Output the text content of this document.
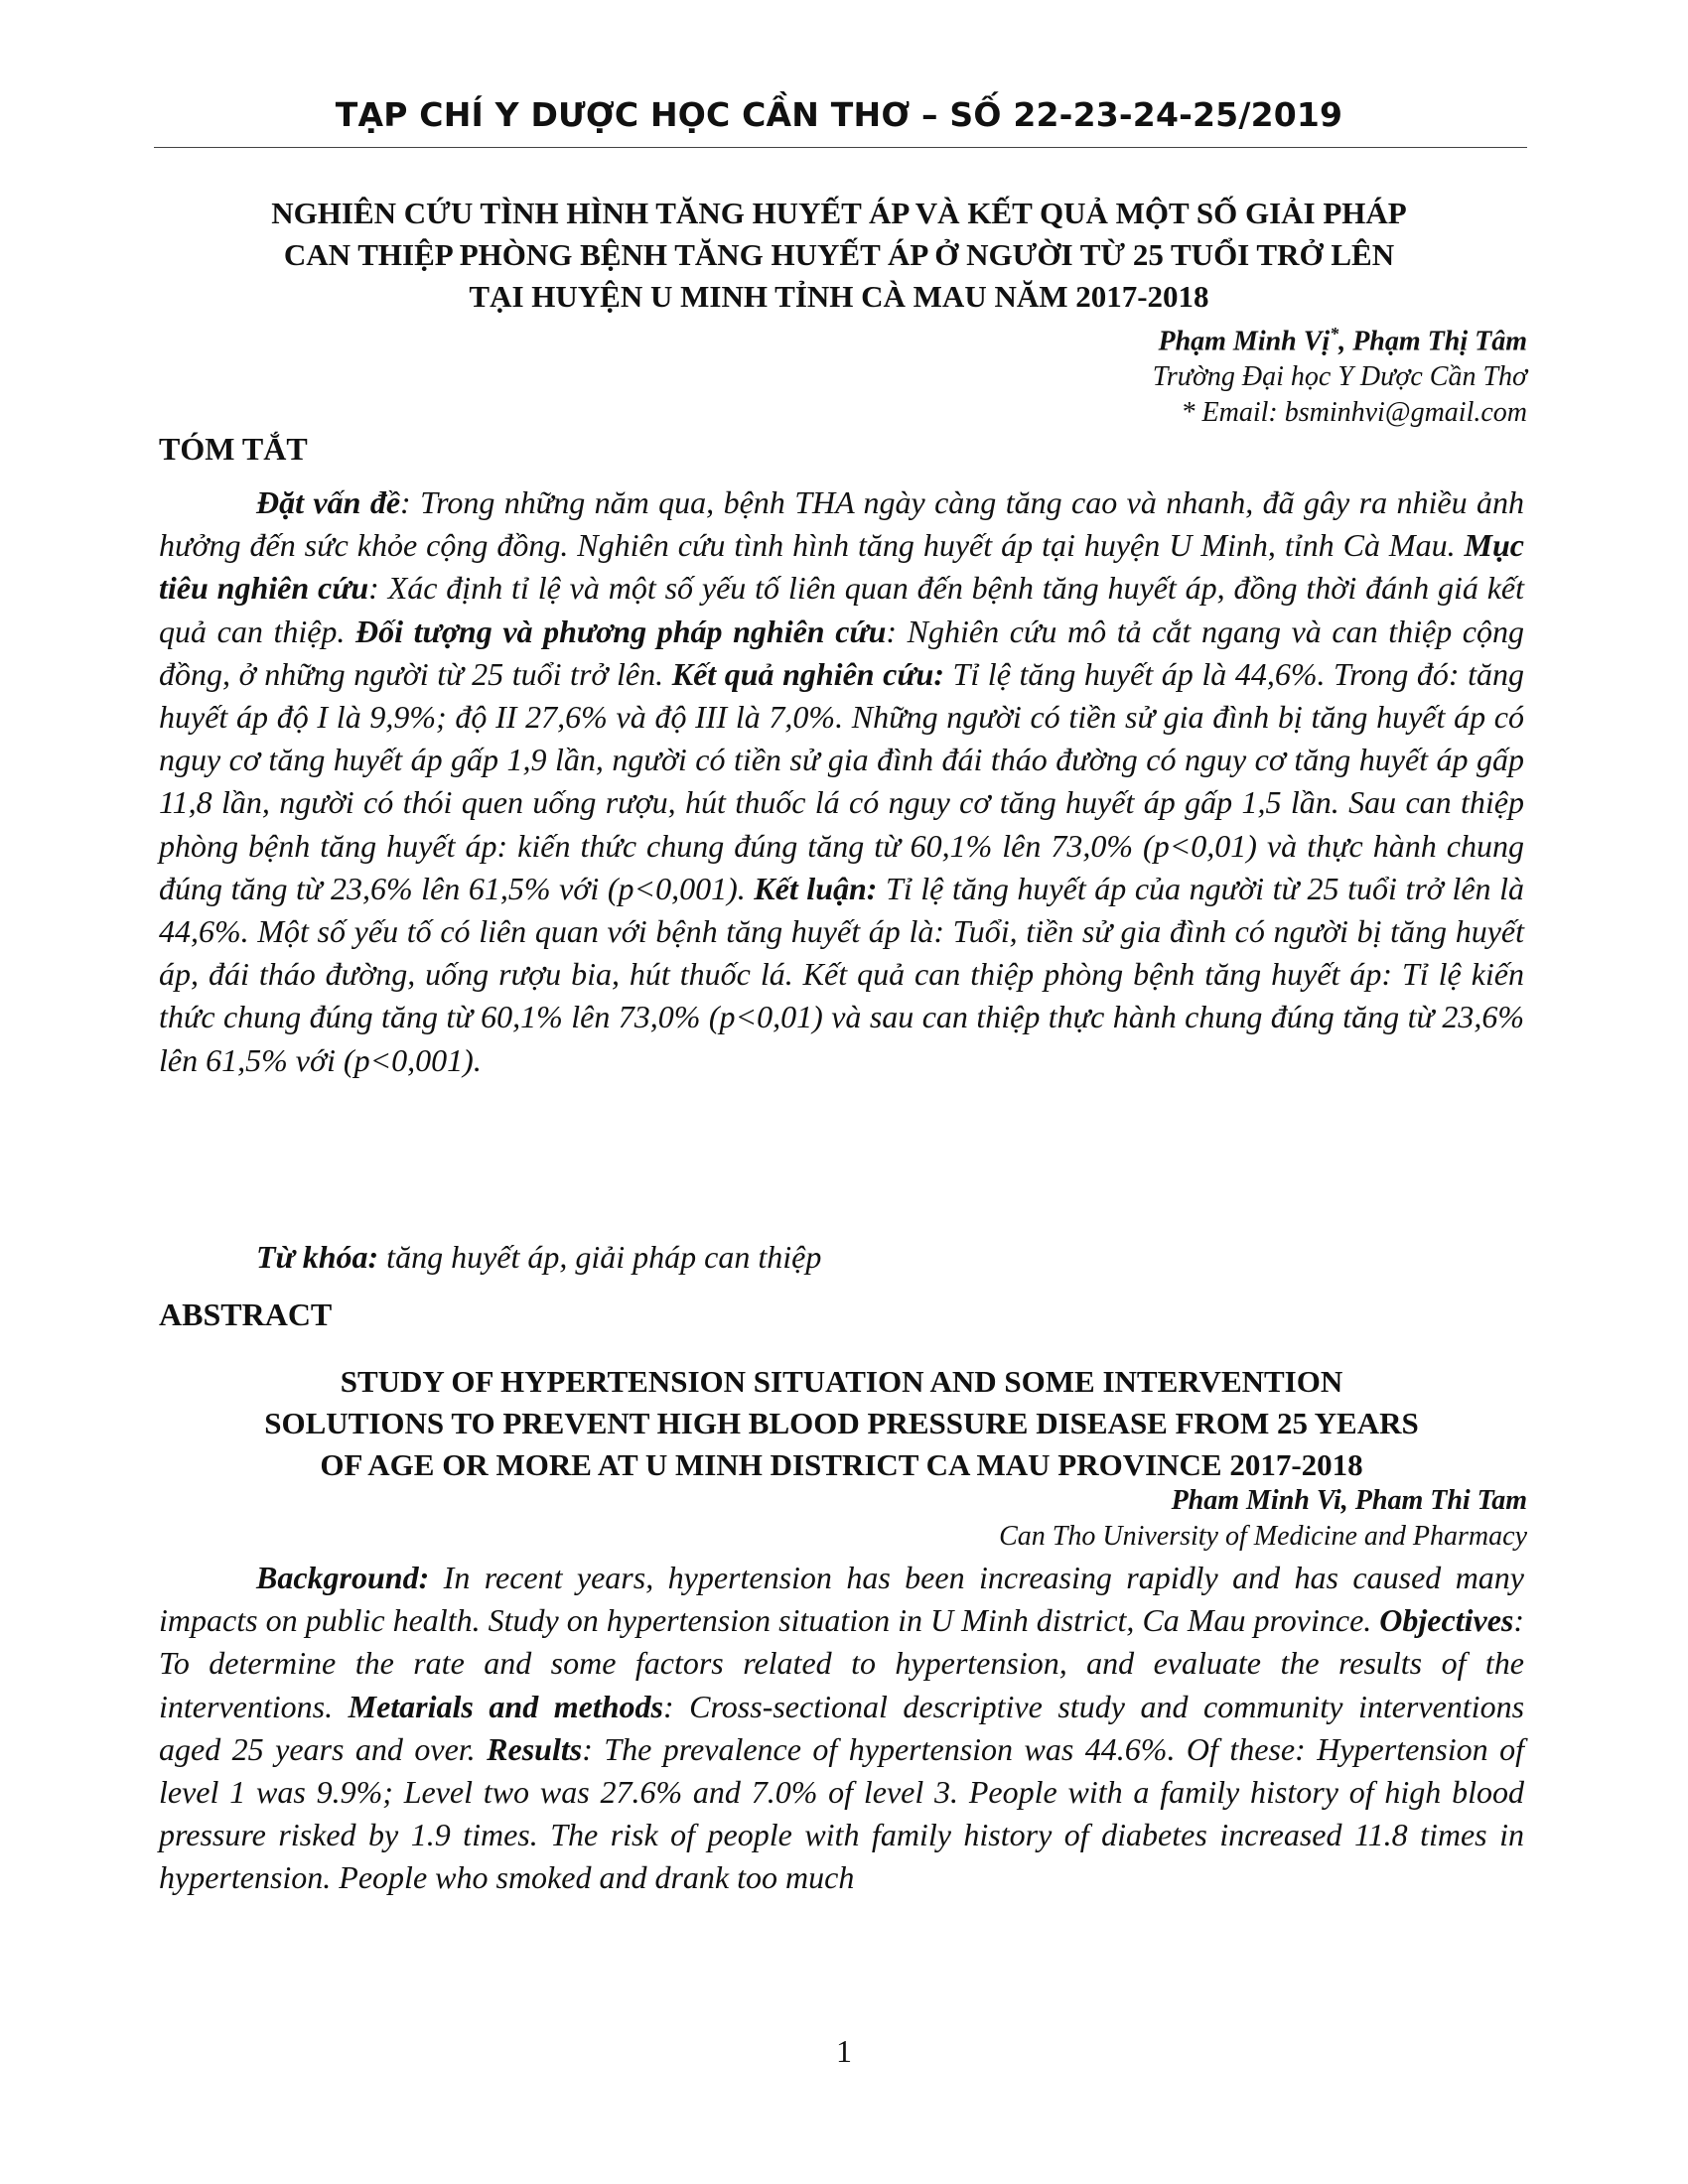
TẠP CHÍ Y DƯỢC HỌC CẦN THƠ – SỐ 22-23-24-25/2019
NGHIÊN CỨU TÌNH HÌNH TĂNG HUYẾT ÁP VÀ KẾT QUẢ MỘT SỐ GIẢI PHÁP
CAN THIỆP PHÒNG BỆNH TĂNG HUYẾT ÁP Ở NGƯỜI TỪ 25 TUỔI TRỞ LÊN
TẠI HUYỆN U MINH TỈNH CÀ MAU NĂM 2017-2018
Phạm Minh Vị*, Phạm Thị Tâm
Trường Đại học Y Dược Cần Thơ
* Email: bsminhvi@gmail.com
TÓM TẮT
Đặt vấn đề: Trong những năm qua, bệnh THA ngày càng tăng cao và nhanh, đã gây ra nhiều ảnh hưởng đến sức khỏe cộng đồng. Nghiên cứu tình hình tăng huyết áp tại huyện U Minh, tỉnh Cà Mau. Mục tiêu nghiên cứu: Xác định tỉ lệ và một số yếu tố liên quan đến bệnh tăng huyết áp, đồng thời đánh giá kết quả can thiệp. Đối tượng và phương pháp nghiên cứu: Nghiên cứu mô tả cắt ngang và can thiệp cộng đồng, ở những người từ 25 tuổi trở lên. Kết quả nghiên cứu: Tỉ lệ tăng huyết áp là 44,6%. Trong đó: tăng huyết áp độ I là 9,9%; độ II 27,6% và độ III là 7,0%. Những người có tiền sử gia đình bị tăng huyết áp có nguy cơ tăng huyết áp gấp 1,9 lần, người có tiền sử gia đình đái tháo đường có nguy cơ tăng huyết áp gấp 11,8 lần, người có thói quen uống rượu, hút thuốc lá có nguy cơ tăng huyết áp gấp 1,5 lần. Sau can thiệp phòng bệnh tăng huyết áp: kiến thức chung đúng tăng từ 60,1% lên 73,0% (p<0,01) và thực hành chung đúng tăng từ 23,6% lên 61,5% với (p<0,001). Kết luận: Tỉ lệ tăng huyết áp của người từ 25 tuổi trở lên là 44,6%. Một số yếu tố có liên quan với bệnh tăng huyết áp là: Tuổi, tiền sử gia đình có người bị tăng huyết áp, đái tháo đường, uống rượu bia, hút thuốc lá. Kết quả can thiệp phòng bệnh tăng huyết áp: Tỉ lệ kiến thức chung đúng tăng từ 60,1% lên 73,0% (p<0,01) và sau can thiệp thực hành chung đúng tăng từ 23,6% lên 61,5% với (p<0,001).
Từ khóa: tăng huyết áp, giải pháp can thiệp
ABSTRACT
STUDY OF HYPERTENSION SITUATION AND SOME INTERVENTION
SOLUTIONS TO PREVENT HIGH BLOOD PRESSURE DISEASE FROM 25 YEARS
OF AGE OR MORE AT U MINH DISTRICT CA MAU PROVINCE 2017-2018
Pham Minh Vi, Pham Thi Tam
Can Tho University of Medicine and Pharmacy
Background: In recent years, hypertension has been increasing rapidly and has caused many impacts on public health. Study on hypertension situation in U Minh district, Ca Mau province. Objectives: To determine the rate and some factors related to hypertension, and evaluate the results of the interventions. Metarials and methods: Cross-sectional descriptive study and community interventions aged 25 years and over. Results: The prevalence of hypertension was 44.6%. Of these: Hypertension of level 1 was 9.9%; Level two was 27.6% and 7.0% of level 3. People with a family history of high blood pressure risked by 1.9 times. The risk of people with family history of diabetes increased 11.8 times in hypertension. People who smoked and drank too much
1
